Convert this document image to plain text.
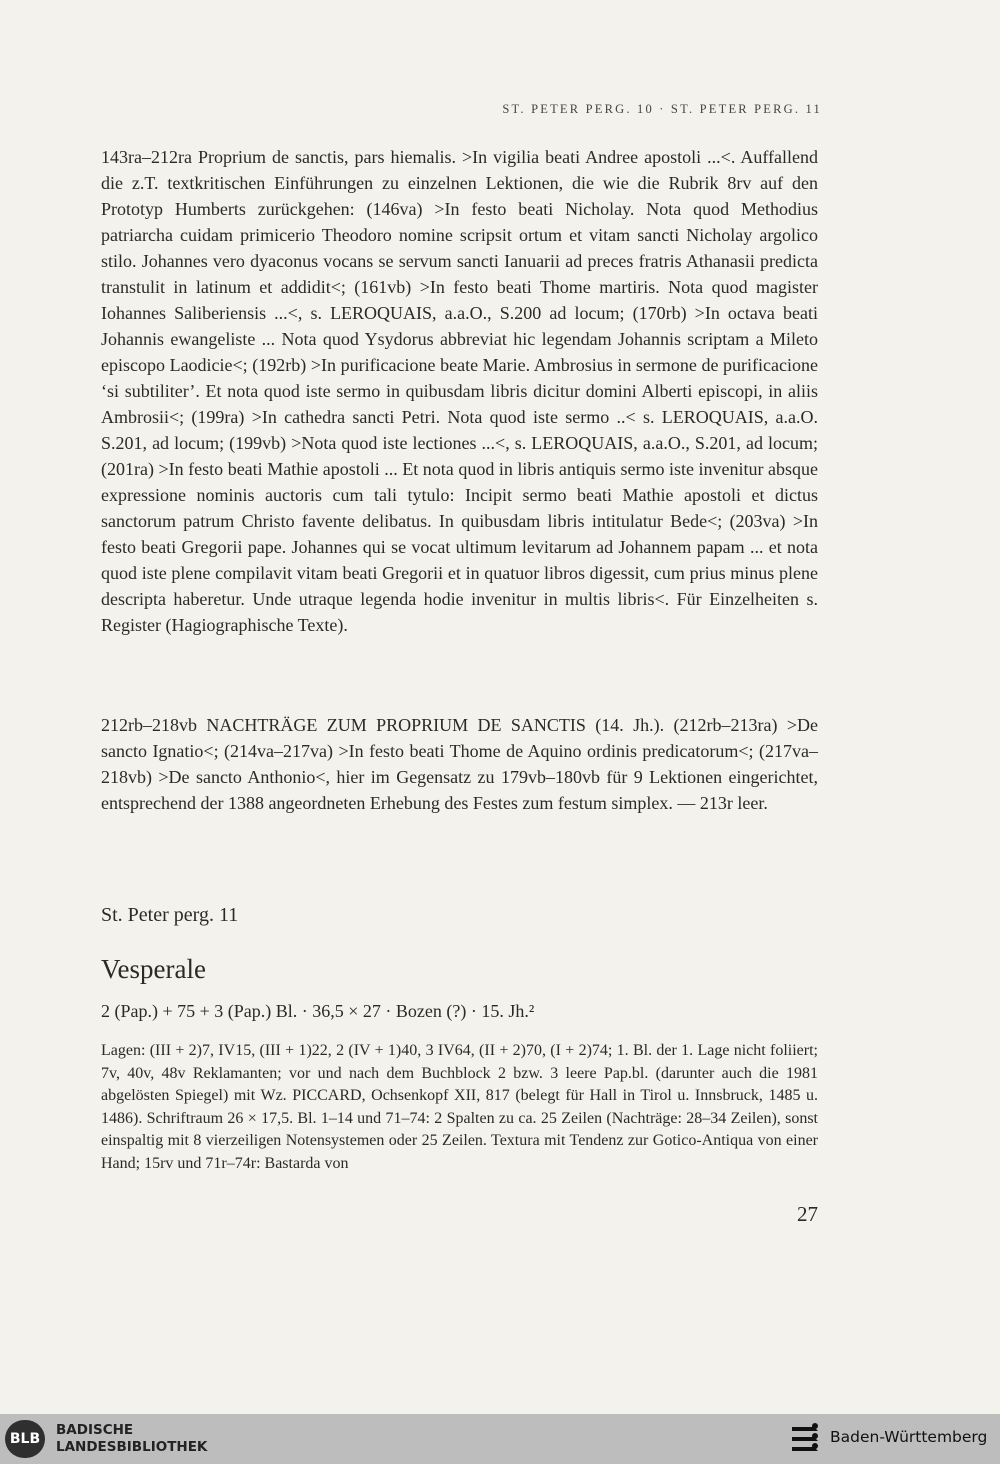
ST. PETER PERG. 10 · ST. PETER PERG. 11
143ra–212ra Proprium de sanctis, pars hiemalis. >In vigilia beati Andree apostoli ...<. Auffallend die z.T. textkritischen Einführungen zu einzelnen Lektionen, die wie die Rubrik 8rv auf den Prototyp Humberts zurückgehen: (146va) >In festo beati Nicholay. Nota quod Methodius patriarcha cuidam primicerio Theodoro nomine scripsit ortum et vitam sancti Nicholay argolico stilo. Johannes vero dyaconus vocans se servum sancti Ianuarii ad preces fratris Athanasii predicta transtulit in latinum et addidit<; (161vb) >In festo beati Thome martiris. Nota quod magister Iohannes Saliberiensis ...<, s. LEROQUAIS, a.a.O., S.200 ad locum; (170rb) >In octava beati Johannis ewangeliste ... Nota quod Ysydorus abbreviat hic legendam Johannis scriptam a Mileto episcopo Laodicie<; (192rb) >In purificacione beate Marie. Ambrosius in sermone de purificacione ‘si subtiliter’. Et nota quod iste sermo in quibusdam libris dicitur domini Alberti episcopi, in aliis Ambrosii<; (199ra) >In cathedra sancti Petri. Nota quod iste sermo ..< s. LEROQUAIS, a.a.O. S.201, ad locum; (199vb) >Nota quod iste lectiones ...<, s. LEROQUAIS, a.a.O., S.201, ad locum; (201ra) >In festo beati Mathie apostoli ... Et nota quod in libris antiquis sermo iste invenitur absque expressione nominis auctoris cum tali tytulo: Incipit sermo beati Mathie apostoli et dictus sanctorum patrum Christo favente delibatus. In quibusdam libris intitulatur Bede<; (203va) >In festo beati Gregorii pape. Johannes qui se vocat ultimum levitarum ad Johannem papam ... et nota quod iste plene compilavit vitam beati Gregorii et in quatuor libros digessit, cum prius minus plene descripta haberetur. Unde utraque legenda hodie invenitur in multis libris<. Für Einzelheiten s. Register (Hagiographische Texte).
212rb–218vb NACHTRÄGE ZUM PROPRIUM DE SANCTIS (14. Jh.). (212rb–213ra) >De sancto Ignatio<; (214va–217va) >In festo beati Thome de Aquino ordinis predicatorum<; (217va–218vb) >De sancto Anthonio<, hier im Gegensatz zu 179vb–180vb für 9 Lektionen eingerichtet, entsprechend der 1388 angeordneten Erhebung des Festes zum festum simplex. — 213r leer.
St. Peter perg. 11
Vesperale
2 (Pap.) + 75 + 3 (Pap.) Bl. · 36,5 × 27 · Bozen (?) · 15. Jh.²
Lagen: (III + 2)7, IV15, (III + 1)22, 2 (IV + 1)40, 3 IV64, (II + 2)70, (I + 2)74; 1. Bl. der 1. Lage nicht foliiert; 7v, 40v, 48v Reklamanten; vor und nach dem Buchblock 2 bzw. 3 leere Pap.bl. (darunter auch die 1981 abgelösten Spiegel) mit Wz. PICCARD, Ochsenkopf XII, 817 (belegt für Hall in Tirol u. Innsbruck, 1485 u. 1486). Schriftraum 26 × 17,5. Bl. 1–14 und 71–74: 2 Spalten zu ca. 25 Zeilen (Nachträge: 28–34 Zeilen), sonst einspaltig mit 8 vierzeiligen Notensystemen oder 25 Zeilen. Textura mit Tendenz zur Gotico-Antiqua von einer Hand; 15rv und 71r–74r: Bastarda von
27
BLB
BADISCHE
LANDESBIBLIOTHEK
Baden-Württemberg
